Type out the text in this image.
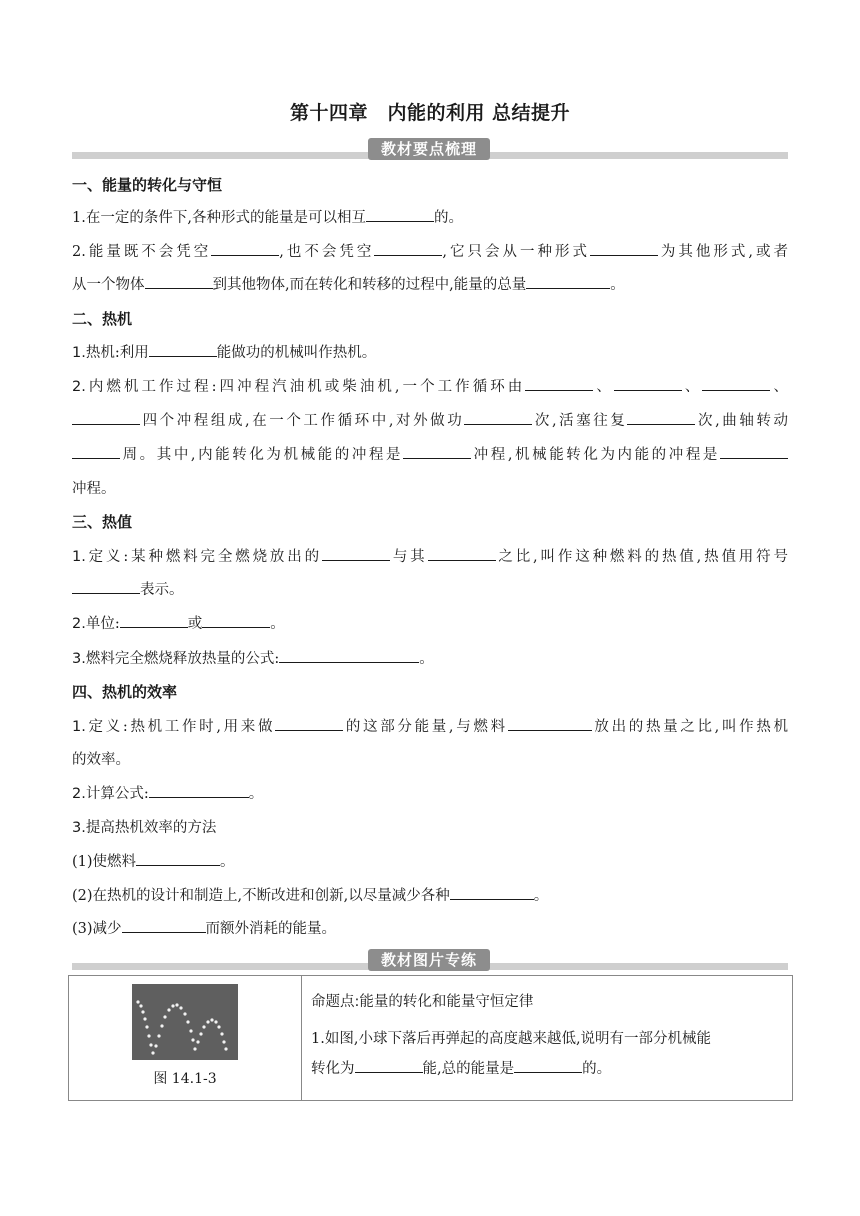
第十四章　内能的利用 总结提升
教材要点梳理
一、能量的转化与守恒
1.在一定的条件下,各种形式的能量是可以相互	的。
2.能量既不会凭空	,也不会凭空	,它只会从一种形式	为其他形式,或者
从一个物体	到其他物体,而在转化和转移的过程中,能量的总量	。
二、热机
1.热机:利用	能做功的机械叫作热机。
2.内燃机工作过程:四冲程汽油机或柴油机,一个工作循环由	、	、	、
四个冲程组成,在一个工作循环中,对外做功	次,活塞往复	次,曲轴转动
周。其中,内能转化为机械能的冲程是	冲程,机械能转化为内能的冲程是
冲程。
三、热值
1.定义:某种燃料完全燃烧放出的	与其	之比,叫作这种燃料的热值,热值用符号
表示。
2.单位:	或	。
3.燃料完全燃烧释放热量的公式:	。
四、热机的效率
1.定义:热机工作时,用来做	的这部分能量,与燃料	放出的热量之比,叫作热机
的效率。
2.计算公式:	。
3.提高热机效率的方法
(1)使燃料	。
(2)在热机的设计和制造上,不断改进和创新,以尽量减少各种	。
(3)减少	而额外消耗的能量。
教材图片专练
图 14.1-3

命题点:能量的转化和能量守恒定律
1.如图,小球下落后再弹起的高度越来越低,说明有一部分机械能
转化为	能,总的能量是	的。
